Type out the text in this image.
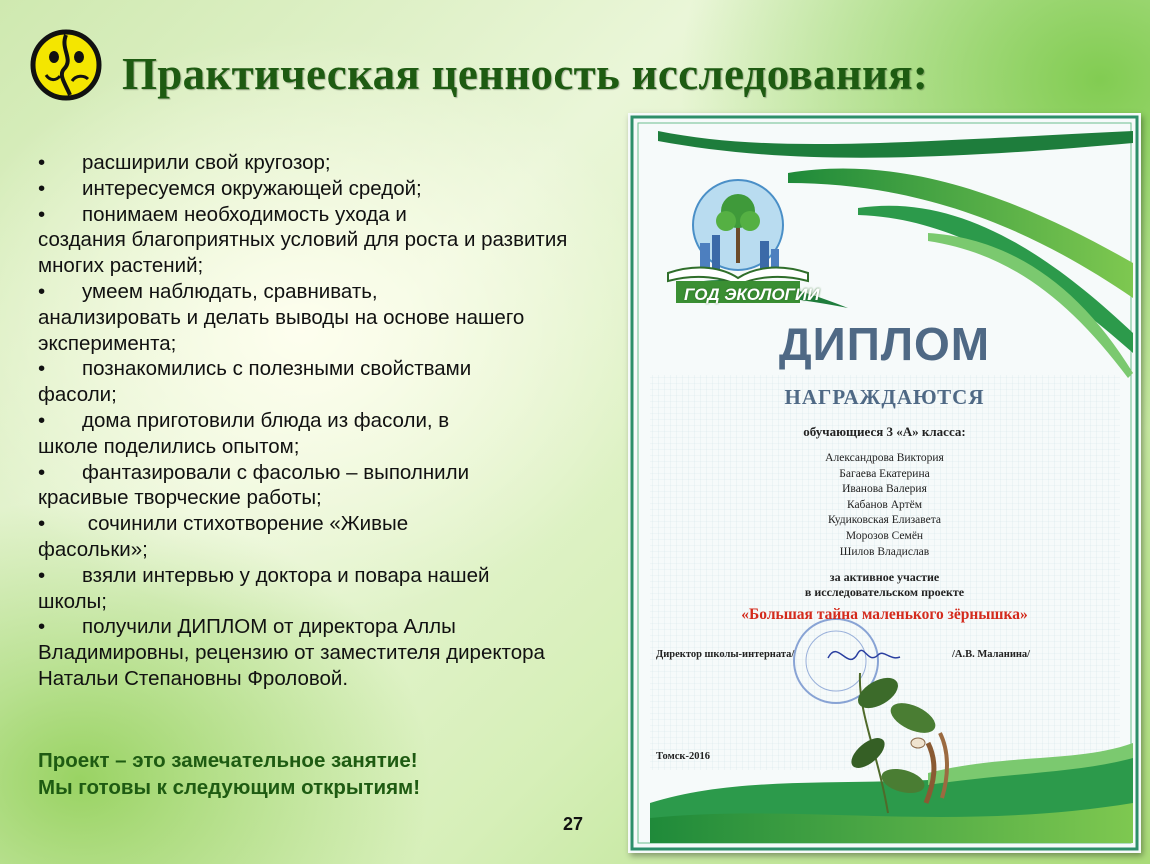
Практическая ценность исследования:
• расширили свой кругозор;
• интересуемся окружающей средой;
• понимаем необходимость ухода и
создания благоприятных условий для роста и развития многих растений;
• умеем наблюдать, сравнивать,
анализировать и делать выводы на основе нашего эксперимента;
• познакомились с полезными свойствами
фасоли;
• дома приготовили блюда из фасоли, в
школе поделились опытом;
• фантазировали с фасолью – выполнили
красивые творческие работы;
• сочинили стихотворение «Живые
фасольки»;
• взяли интервью у доктора и повара нашей
школы;
• получили ДИПЛОМ от директора Аллы
Владимировны, рецензию от заместителя директора Натальи Степановны Фроловой.
Проект – это замечательное занятие!
Мы готовы к следующим открытиям!
27
ГОД ЭКОЛОГИИ
ДИПЛОМ
НАГРАЖДАЮТСЯ
обучающиеся 3 «А» класса:
Александрова Виктория
Багаева Екатерина
Иванова Валерия
Кабанов Артём
Кудиковская Елизавета
Морозов Семён
Шилов Владислав
за активное участие
в исследовательском проекте
«Большая тайна маленького зёрнышка»
Директор школы-интерната/	/А.В. Маланина/
Томск-2016
